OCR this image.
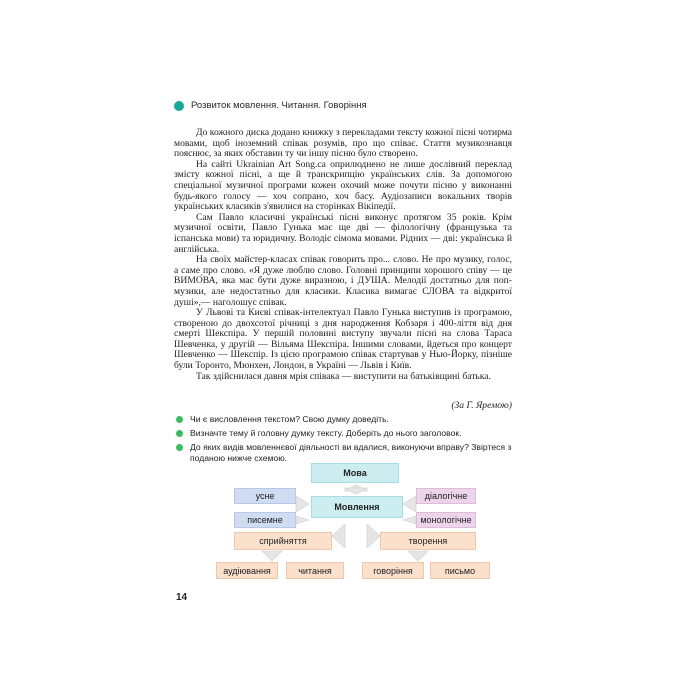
Розвиток мовлення. Читання. Говоріння

До кожного диска додано книжку з перекладами тексту кожної пісні чотирма мовами, щоб іноземний співак розумів, про що співає. Стаття музикознавця пояснює, за яких обставин ту чи іншу пісню було створено.

На сайті Ukrainian Art Song.ca оприлюднено не лише дослівний переклад змісту кожної пісні, а ще й транскрипцію українських слів. За допомогою спеціальної музичної програми кожен охочий може почути пісню у виконанні будь-якого голосу — хоч сопрано, хоч басу. Аудіозаписи вокальних творів українських класиків з'явилися на сторінках Вікіпедії.

Сам Павло класичні українські пісні виконує протягом 35 років. Крім музичної освіти, Павло Гунька має ще дві — філологічну (французька та іспанська мови) та юридичну. Володіє сімома мовами. Рідних — дві: українська й англійська.

На своїх майстер-класах співак говорить про... слово. Не про музику, голос, а саме про слово. «Я дуже люблю слово. Головні принципи хорошого співу — це ВИМО́ВА, яка має бути дуже виразною, і ДУША. Мелодії достатньо для поп-музики, але недостатньо для класики. Класика вимагає СЛОВА та відкритої душі»,— наголошує співак.

У Львові та Києві співак-інтелектуал Павло Гунька виступив із програмою, створеною до двохсотої річниці з дня народження Кобзаря і 400-ліття від дня смерті Шекспіра. У першій половині виступу звучали пісні на слова Тараса Шевченка, у другій — Вільяма Шекспіра. Іншими словами, йдеться про концерт Шевченко — Шекспір. Із цією програмою співак стартував у Нью-Йорку, пізніше були Торонто, Мюнхен, Лондон, в Україні — Львів і Київ.

Так здійснилася давня мрія співака — виступити на батьківщині батька.

(За Г. Яремою)
Чи є висловлення текстом? Свою думку доведіть.
Визначте тему й головну думку тексту. Доберіть до нього заголовок.
До яких видів мовленнєвої діяльності ви вдалися, виконуючи вправу? Звіртеся з поданою нижче схемою.
Мова
Мовлення
усне
писемне
діалогічне
монологічне
сприйняття	творення
аудіювання	читання	говоріння	письмо
14
